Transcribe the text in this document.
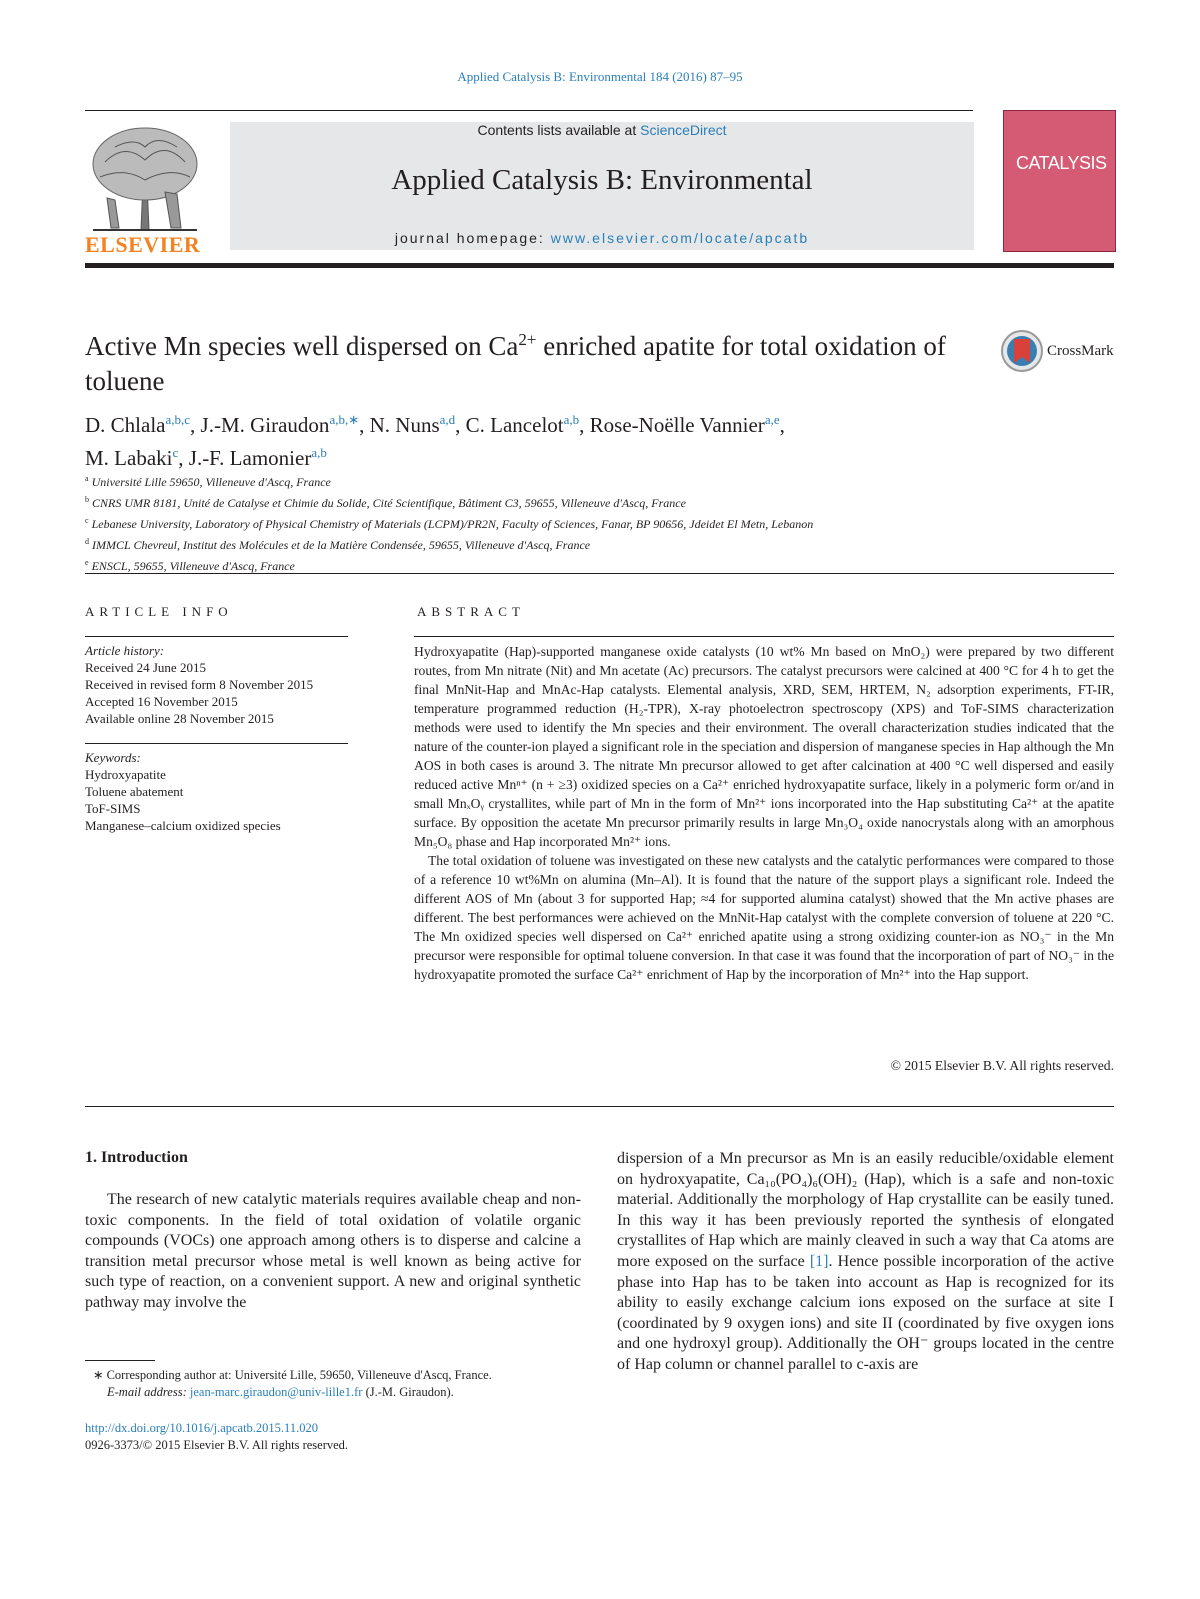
Applied Catalysis B: Environmental 184 (2016) 87–95
ELSEVIER
Contents lists available at ScienceDirect
Applied Catalysis B: Environmental
journal homepage: www.elsevier.com/locate/apcatb
CATALYSIS
Active Mn species well dispersed on $Ca^{2+}$ enriched apatite for total oxidation of toluene
CrossMark
D. Chlala$^{a,b,c}$, J.-M. Giraudon$^{a,b,∗}$, N. Nuns$^{a,d}$, C. Lancelot$^{a,b}$, Rose-Noëlle Vannier$^{a,e}$,
M. Labaki$^c$, J.-F. Lamonier$^{a,b}$
$^a$ Université Lille 59650, Villeneuve d'Ascq, France
$^b$ CNRS UMR 8181, Unité de Catalyse et Chimie du Solide, Cité Scientifique, Bâtiment C3, 59655, Villeneuve d'Ascq, France
$^c$ Lebanese University, Laboratory of Physical Chemistry of Materials (LCPM)/PR2N, Faculty of Sciences, Fanar, BP 90656, Jdeidet El Metn, Lebanon
$^d$ IMMCL Chevreul, Institut des Molécules et de la Matière Condensée, 59655, Villeneuve d'Ascq, France
$^e$ ENSCL, 59655, Villeneuve d'Ascq, France
ARTICLE INFO
Article history:
Received 24 June 2015
Received in revised form 8 November 2015
Accepted 16 November 2015
Available online 28 November 2015
Keywords:
Hydroxyapatite
Toluene abatement
ToF-SIMS
Manganese–calcium oxidized species
ABSTRACT

Hydroxyapatite (Hap)-supported manganese oxide catalysts (10 wt% Mn based on MnO₂) were prepared by two different routes, from Mn nitrate (Nit) and Mn acetate (Ac) precursors. The catalyst precursors were calcined at 400 °C for 4 h to get the final MnNit-Hap and MnAc-Hap catalysts. Elemental analysis, XRD, SEM, HRTEM, N₂ adsorption experiments, FT-IR, temperature programmed reduction (H₂-TPR), X-ray photoelectron spectroscopy (XPS) and ToF-SIMS characterization methods were used to identify the Mn species and their environment. The overall characterization studies indicated that the nature of the counter-ion played a significant role in the speciation and dispersion of manganese species in Hap although the Mn AOS in both cases is around 3. The nitrate Mn precursor allowed to get after calcination at 400 °C well dispersed and easily reduced active Mnⁿ⁺ (n + ≥3) oxidized species on a Ca²⁺ enriched hydroxyapatite surface, likely in a polymeric form or/and in small MnₓOᵧ crystallites, while part of Mn in the form of Mn²⁺ ions incorporated into the Hap substituting Ca²⁺ at the apatite surface. By opposition the acetate Mn precursor primarily results in large Mn₃O₄ oxide nanocrystals along with an amorphous Mn₅O₈ phase and Hap incorporated Mn²⁺ ions.

The total oxidation of toluene was investigated on these new catalysts and the catalytic performances were compared to those of a reference 10 wt%Mn on alumina (Mn–Al). It is found that the nature of the support plays a significant role. Indeed the different AOS of Mn (about 3 for supported Hap; ≈4 for supported alumina catalyst) showed that the Mn active phases are different. The best performances were achieved on the MnNit-Hap catalyst with the complete conversion of toluene at 220 °C. The Mn oxidized species well dispersed on Ca²⁺ enriched apatite using a strong oxidizing counter-ion as NO₃⁻ in the Mn precursor were responsible for optimal toluene conversion. In that case it was found that the incorporation of part of NO₃⁻ in the hydroxyapatite promoted the surface Ca²⁺ enrichment of Hap by the incorporation of Mn²⁺ into the Hap support.

© 2015 Elsevier B.V. All rights reserved.
1. Introduction

The research of new catalytic materials requires available cheap and non-toxic components. In the field of total oxidation of volatile organic compounds (VOCs) one approach among others is to disperse and calcine a transition metal precursor whose metal is well known as being active for such type of reaction, on a convenient support. A new and original synthetic pathway may involve the

dispersion of a Mn precursor as Mn is an easily reducible/oxidable element on hydroxyapatite, Ca₁₀(PO₄)₆(OH)₂ (Hap), which is a safe and non-toxic material. Additionally the morphology of Hap crystallite can be easily tuned. In this way it has been previously reported the synthesis of elongated crystallites of Hap which are mainly cleaved in such a way that Ca atoms are more exposed on the surface [1]. Hence possible incorporation of the active phase into Hap has to be taken into account as Hap is recognized for its ability to easily exchange calcium ions exposed on the surface at site I (coordinated by 9 oxygen ions) and site II (coordinated by five oxygen ions and one hydroxyl group). Additionally the OH⁻ groups located in the centre of Hap column or channel parallel to c-axis are

∗ Corresponding author at: Université Lille, 59650, Villeneuve d'Ascq, France.
E-mail address: jean-marc.giraudon@univ-lille1.fr (J.-M. Giraudon).
http://dx.doi.org/10.1016/j.apcatb.2015.11.020
0926-3373/© 2015 Elsevier B.V. All rights reserved.
